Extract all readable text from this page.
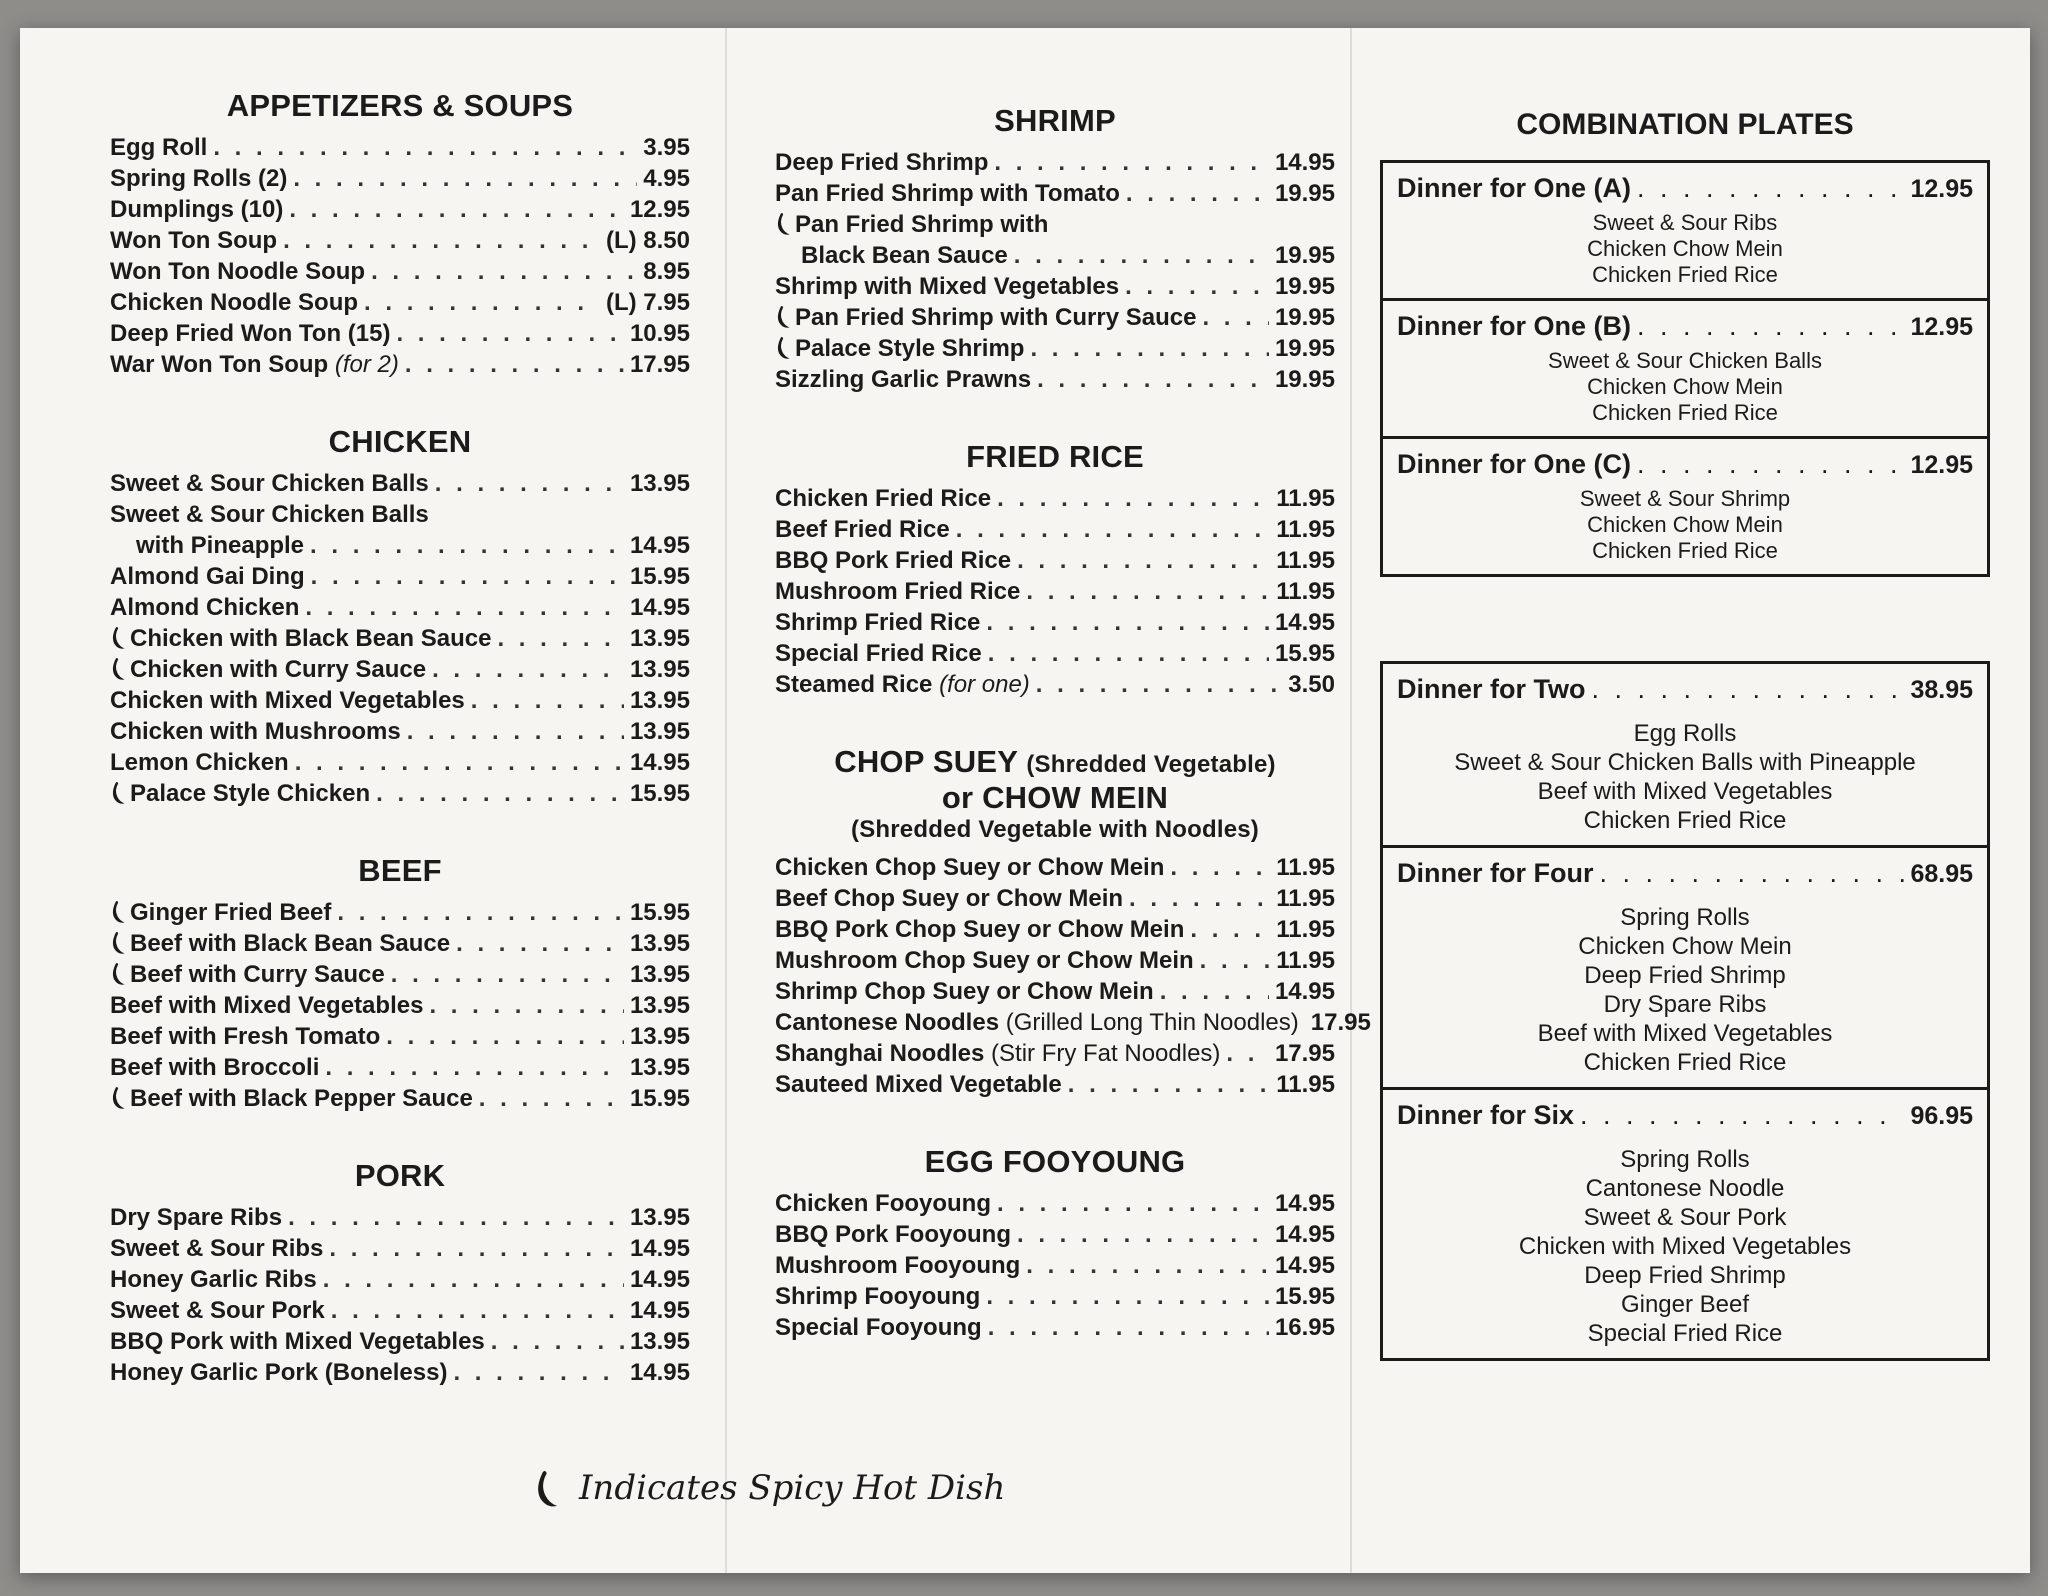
APPETIZERS & SOUPS
Egg Roll . . .	3.95
Spring Rolls (2) . . .	4.95
Dumplings (10) . . .	12.95
Won Ton Soup . . .	(L) 8.50
Won Ton Noodle Soup . . .	8.95
Chicken Noodle Soup . . .	(L) 7.95
Deep Fried Won Ton (15) . . .	10.95
War Won Ton Soup (for 2) . . .	17.95
CHICKEN
Sweet & Sour Chicken Balls . . .	13.95
Sweet & Sour Chicken Balls
with Pineapple . . .	14.95
Almond Gai Ding . . .	15.95
Almond Chicken . . .	14.95
Chicken with Black Bean Sauce . . .	13.95
Chicken with Curry Sauce . . .	13.95
Chicken with Mixed Vegetables . . .	13.95
Chicken with Mushrooms . . .	13.95
Lemon Chicken . . .	14.95
Palace Style Chicken . . .	15.95
BEEF
Ginger Fried Beef . . .	15.95
Beef with Black Bean Sauce . . .	13.95
Beef with Curry Sauce . . .	13.95
Beef with Mixed Vegetables . . .	13.95
Beef with Fresh Tomato . . .	13.95
Beef with Broccoli . . .	13.95
Beef with Black Pepper Sauce . . .	15.95
PORK
Dry Spare Ribs . . .	13.95
Sweet & Sour Ribs . . .	14.95
Honey Garlic Ribs . . .	14.95
Sweet & Sour Pork . . .	14.95
BBQ Pork with Mixed Vegetables . . .	13.95
Honey Garlic Pork (Boneless) . . .	14.95
Indicates Spicy Hot Dish
SHRIMP
Deep Fried Shrimp . . .	14.95
Pan Fried Shrimp with Tomato . . .	19.95
Pan Fried Shrimp with
Black Bean Sauce . . .	19.95
Shrimp with Mixed Vegetables . . .	19.95
Pan Fried Shrimp with Curry Sauce . . .	19.95
Palace Style Shrimp . . .	19.95
Sizzling Garlic Prawns . . .	19.95
FRIED RICE
Chicken Fried Rice . . .	11.95
Beef Fried Rice . . .	11.95
BBQ Pork Fried Rice . . .	11.95
Mushroom Fried Rice . . .	11.95
Shrimp Fried Rice . . .	14.95
Special Fried Rice . . .	15.95
Steamed Rice (for one) . . .	3.50
CHOP SUEY (Shredded Vegetable)
or CHOW MEIN
(Shredded Vegetable with Noodles)
Chicken Chop Suey or Chow Mein . . .	11.95
Beef Chop Suey or Chow Mein . . .	11.95
BBQ Pork Chop Suey or Chow Mein . . .	11.95
Mushroom Chop Suey or Chow Mein . . .	11.95
Shrimp Chop Suey or Chow Mein . . .	14.95
Cantonese Noodles (Grilled Long Thin Noodles) 17.95
Shanghai Noodles (Stir Fry Fat Noodles) . . . 17.95
Sauteed Mixed Vegetable . . .	11.95
EGG FOOYOUNG
Chicken Fooyoung . . .	14.95
BBQ Pork Fooyoung . . .	14.95
Mushroom Fooyoung . . .	14.95
Shrimp Fooyoung . . .	15.95
Special Fooyoung . . .	16.95
COMBINATION PLATES
Dinner for One (A) . . .	12.95
Sweet & Sour Ribs
Chicken Chow Mein
Chicken Fried Rice
Dinner for One (B) . . .	12.95
Sweet & Sour Chicken Balls
Chicken Chow Mein
Chicken Fried Rice
Dinner for One (C) . . .	12.95
Sweet & Sour Shrimp
Chicken Chow Mein
Chicken Fried Rice
Dinner for Two . . .	38.95
Egg Rolls
Sweet & Sour Chicken Balls with Pineapple
Beef with Mixed Vegetables
Chicken Fried Rice
Dinner for Four . . .	68.95
Spring Rolls
Chicken Chow Mein
Deep Fried Shrimp
Dry Spare Ribs
Beef with Mixed Vegetables
Chicken Fried Rice
Dinner for Six . . .	96.95
Spring Rolls
Cantonese Noodle
Sweet & Sour Pork
Chicken with Mixed Vegetables
Deep Fried Shrimp
Ginger Beef
Special Fried Rice
